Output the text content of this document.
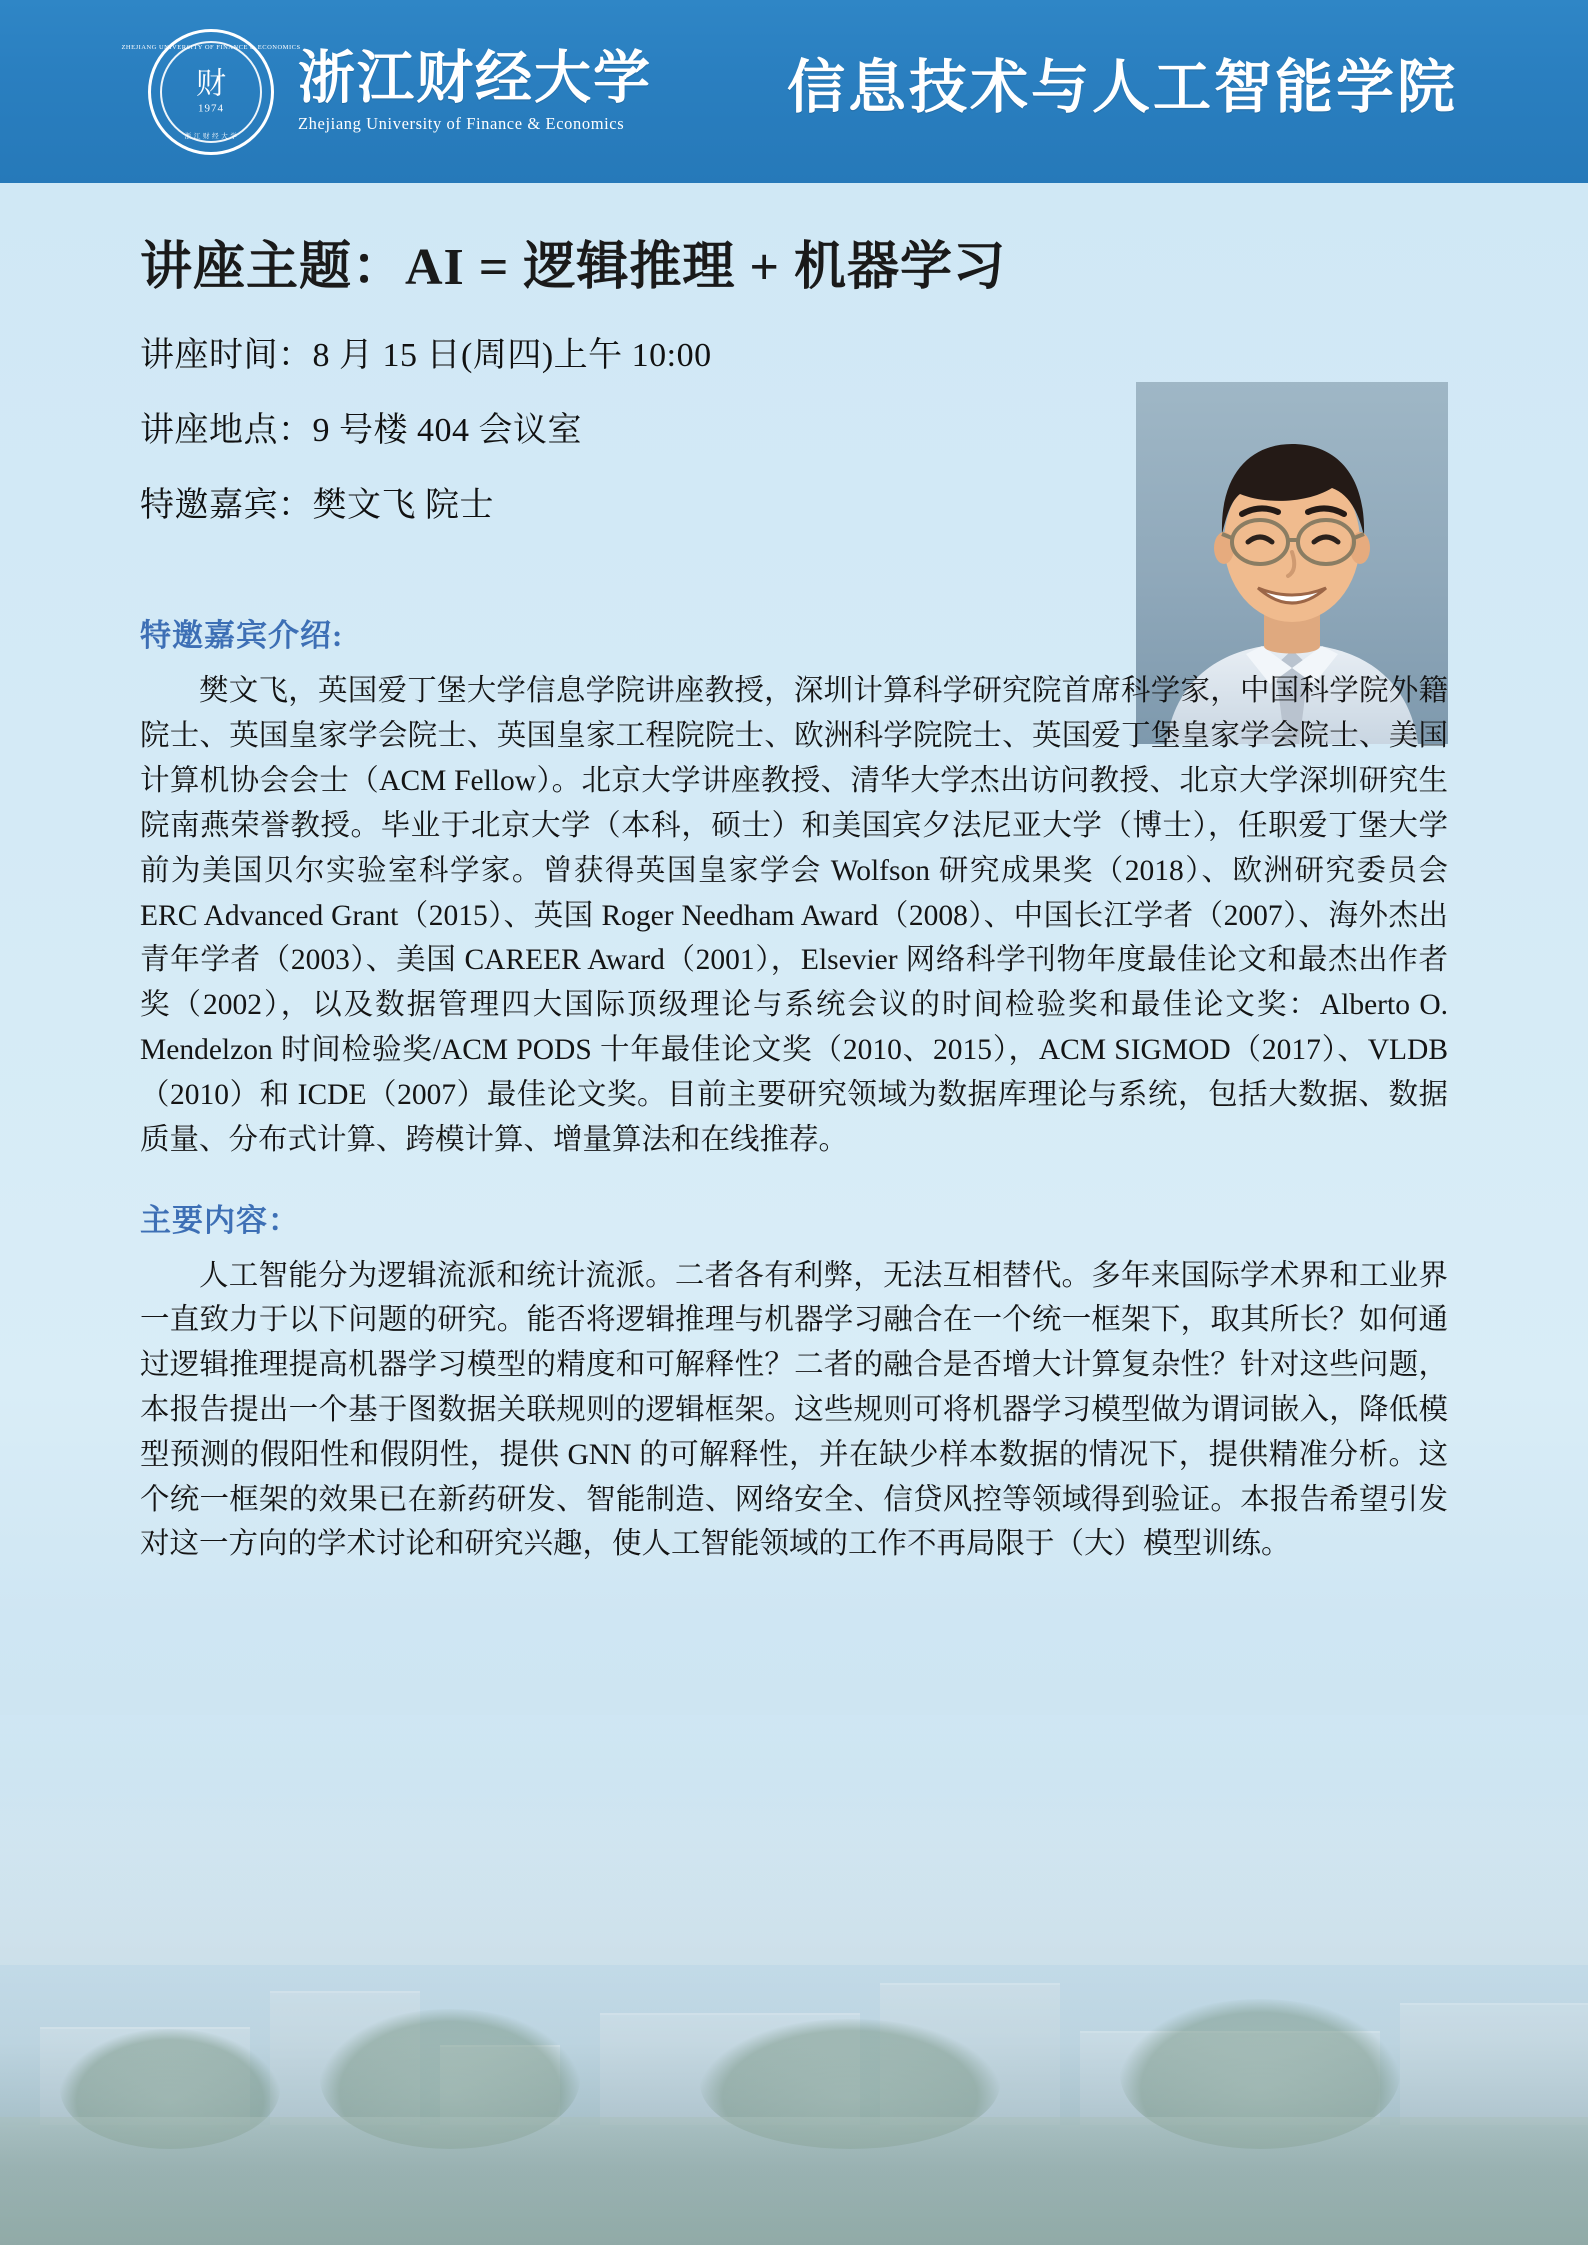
ZHEJIANG UNIVERSITY OF FINANCE & ECONOMICS
浙 江 财 经 大 学
财
1974 浙江财经大学
Zhejiang University of Finance & Economics
信息技术与人工智能学院
讲座主题：AI = 逻辑推理 + 机器学习

讲座时间：8 月 15 日(周四)上午 10:00

讲座地点：9 号楼 404 会议室

特邀嘉宾：樊文飞 院士

特邀嘉宾介绍:

樊文飞，英国爱丁堡大学信息学院讲座教授，深圳计算科学研究院首席科学家，中国科学院外籍院士、英国皇家学会院士、英国皇家工程院院士、欧洲科学院院士、英国爱丁堡皇家学会院士、美国计算机协会会士（ACM Fellow）。北京大学讲座教授、清华大学杰出访问教授、北京大学深圳研究生院南燕荣誉教授。毕业于北京大学（本科，硕士）和美国宾夕法尼亚大学（博士），任职爱丁堡大学前为美国贝尔实验室科学家。曾获得英国皇家学会 Wolfson 研究成果奖（2018）、欧洲研究委员会 ERC Advanced Grant（2015）、英国 Roger Needham Award（2008）、中国长江学者（2007）、海外杰出青年学者（2003）、美国 CAREER Award（2001），Elsevier 网络科学刊物年度最佳论文和最杰出作者奖（2002），以及数据管理四大国际顶级理论与系统会议的时间检验奖和最佳论文奖：Alberto O. Mendelzon 时间检验奖/ACM PODS 十年最佳论文奖（2010、2015），ACM SIGMOD（2017）、VLDB（2010）和 ICDE（2007）最佳论文奖。目前主要研究领域为数据库理论与系统，包括大数据、数据质量、分布式计算、跨模计算、增量算法和在线推荐。

主要内容：

人工智能分为逻辑流派和统计流派。二者各有利弊，无法互相替代。多年来国际学术界和工业界一直致力于以下问题的研究。能否将逻辑推理与机器学习融合在一个统一框架下，取其所长？如何通过逻辑推理提高机器学习模型的精度和可解释性？二者的融合是否增大计算复杂性？针对这些问题，本报告提出一个基于图数据关联规则的逻辑框架。这些规则可将机器学习模型做为谓词嵌入，降低模型预测的假阳性和假阴性，提供 GNN 的可解释性，并在缺少样本数据的情况下，提供精准分析。这个统一框架的效果已在新药研发、智能制造、网络安全、信贷风控等领域得到验证。本报告希望引发对这一方向的学术讨论和研究兴趣，使人工智能领域的工作不再局限于（大）模型训练。
